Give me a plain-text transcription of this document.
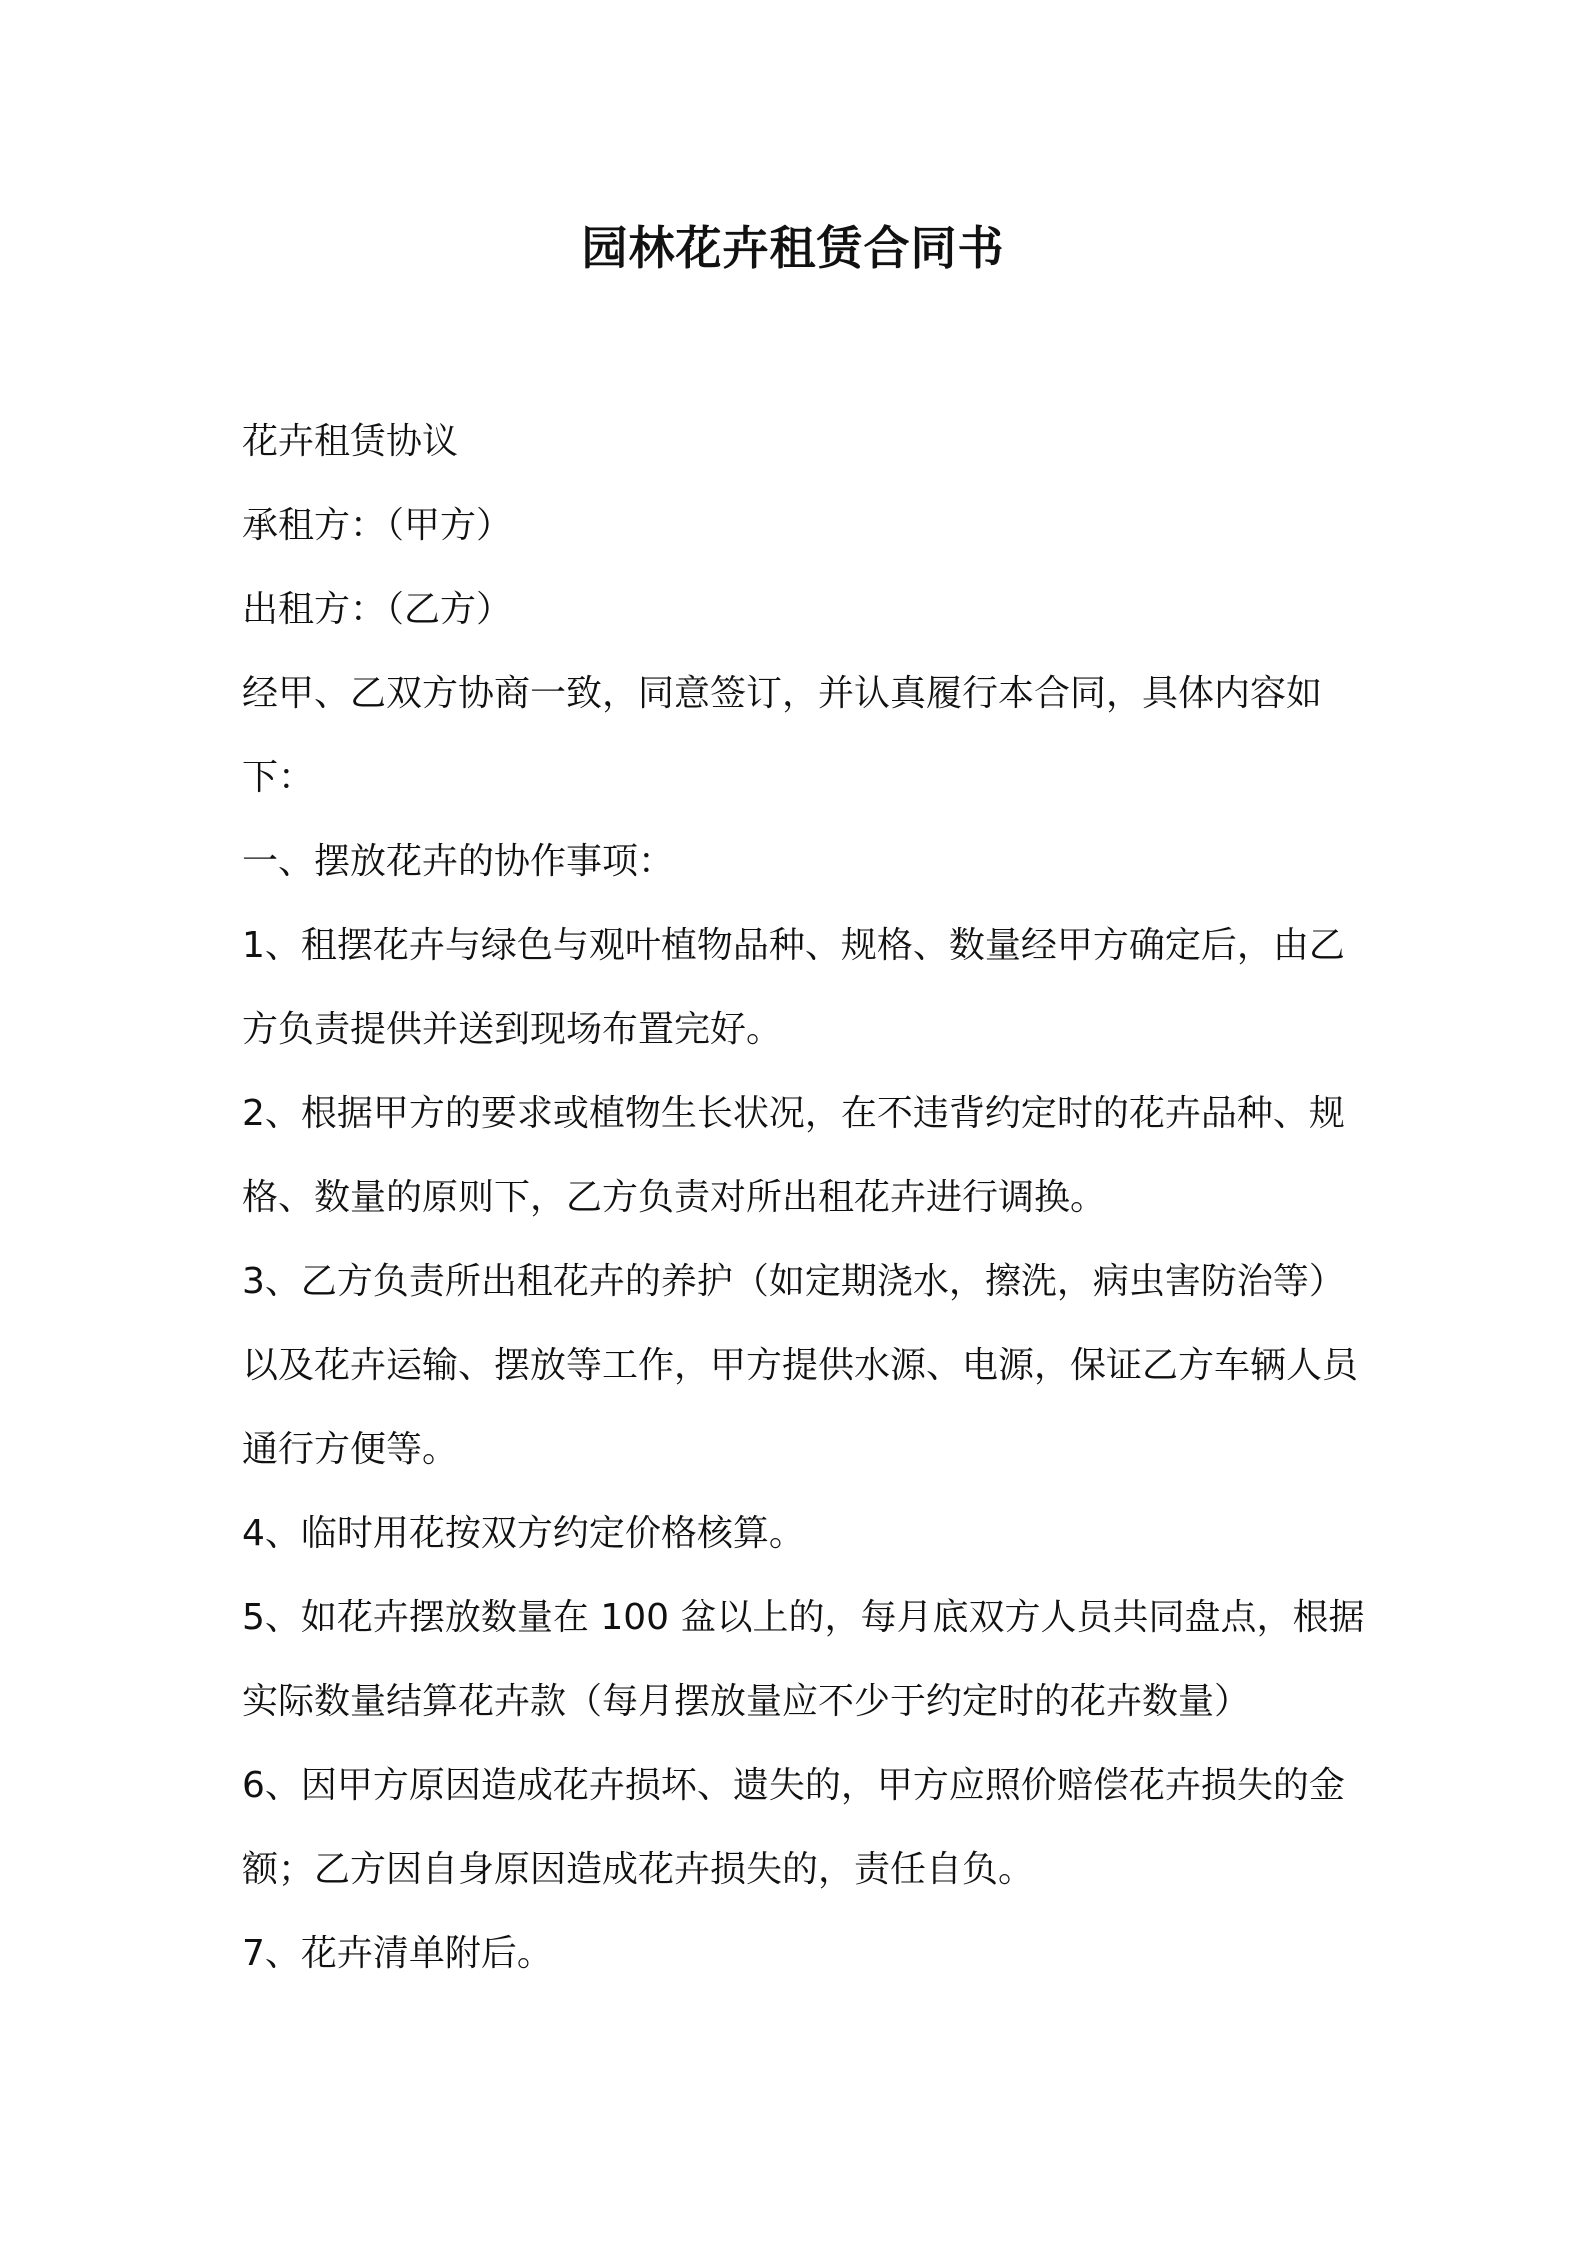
园林花卉租赁合同书

花卉租赁协议

承租方：（甲方）

出租方：（乙方）

经甲、乙双方协商一致，同意签订，并认真履行本合同，具体内容如下：

一、摆放花卉的协作事项：

1、租摆花卉与绿色与观叶植物品种、规格、数量经甲方确定后，由乙方负责提供并送到现场布置完好。

2、根据甲方的要求或植物生长状况，在不违背约定时的花卉品种、规格、数量的原则下，乙方负责对所出租花卉进行调换。

3、乙方负责所出租花卉的养护（如定期浇水，擦洗，病虫害防治等）以及花卉运输、摆放等工作，甲方提供水源、电源，保证乙方车辆人员通行方便等。

4、临时用花按双方约定价格核算。

5、如花卉摆放数量在 100 盆以上的，每月底双方人员共同盘点，根据实际数量结算花卉款（每月摆放量应不少于约定时的花卉数量）

6、因甲方原因造成花卉损坏、遗失的，甲方应照价赔偿花卉损失的金额；乙方因自身原因造成花卉损失的，责任自负。

7、花卉清单附后。
